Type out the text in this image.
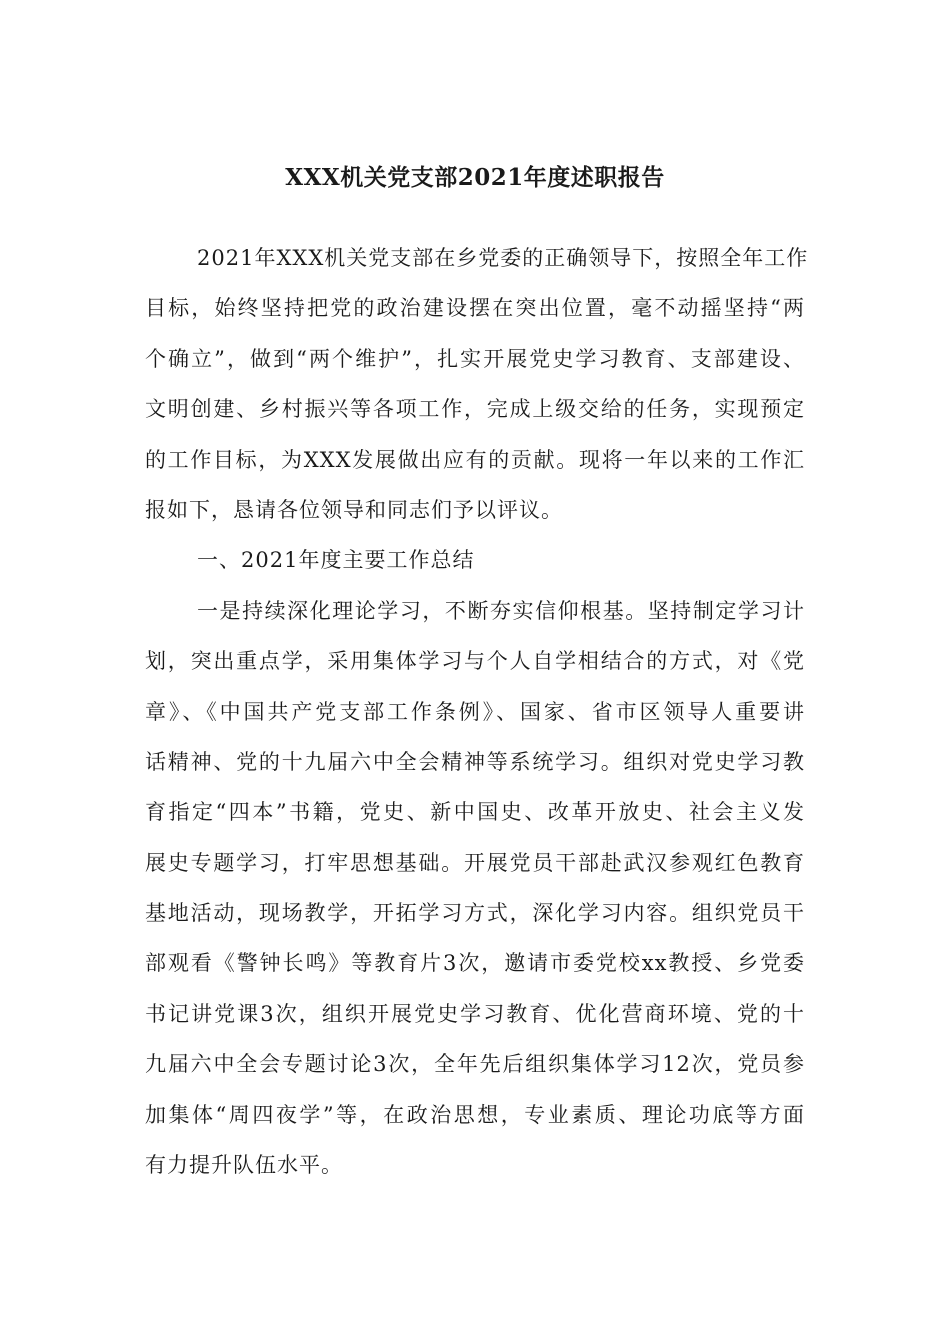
XXX机关党支部2021年度述职报告
2021年XXX机关党支部在乡党委的正确领导下，按照全年工作
目标，始终坚持把党的政治建设摆在突出位置，毫不动摇坚持“两
个确立”，做到“两个维护”，扎实开展党史学习教育、支部建设、
文明创建、乡村振兴等各项工作，完成上级交给的任务，实现预定
的工作目标，为XXX发展做出应有的贡献。现将一年以来的工作汇
报如下，恳请各位领导和同志们予以评议。
一、2021年度主要工作总结
一是持续深化理论学习，不断夯实信仰根基。坚持制定学习计
划，突出重点学，采用集体学习与个人自学相结合的方式，对《党
章》、《中国共产党支部工作条例》、国家、省市区领导人重要讲
话精神、党的十九届六中全会精神等系统学习。组织对党史学习教
育指定“四本”书籍，党史、新中国史、改革开放史、社会主义发
展史专题学习，打牢思想基础。开展党员干部赴武汉参观红色教育
基地活动，现场教学，开拓学习方式，深化学习内容。组织党员干
部观看《警钟长鸣》等教育片3次，邀请市委党校xx教授、乡党委
书记讲党课3次，组织开展党史学习教育、优化营商环境、党的十
九届六中全会专题讨论3次，全年先后组织集体学习12次，党员参
加集体“周四夜学”等，在政治思想，专业素质、理论功底等方面
有力提升队伍水平。
